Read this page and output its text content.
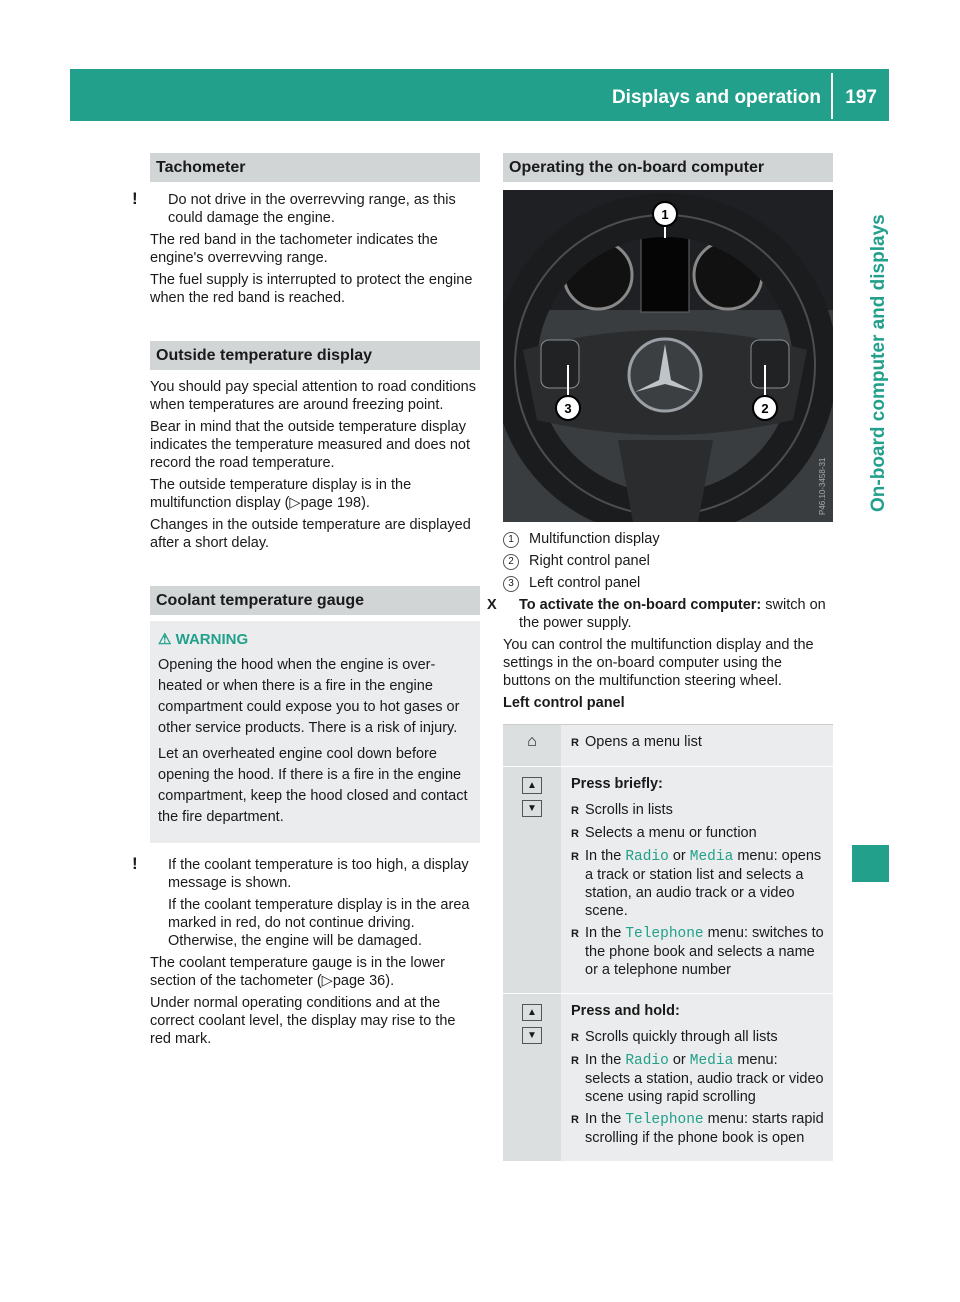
Displays and operation 197
On-board computer and displays
Tachometer

! Do not drive in the overrevving range, as this could damage the engine.

The red band in the tachometer indicates the engine's overrevving range.

The fuel supply is interrupted to protect the engine when the red band is reached.

Outside temperature display

You should pay special attention to road conditions when temperatures are around freezing point.

Bear in mind that the outside temperature display indicates the temperature measured and does not record the road temperature.

The outside temperature display is in the multifunction display (▷page 198).

Changes in the outside temperature are displayed after a short delay.

Coolant temperature gauge
⚠ WARNING

Opening the hood when the engine is over-heated or when there is a fire in the engine compartment could expose you to hot gases or other service products. There is a risk of injury.

Let an overheated engine cool down before opening the hood. If there is a fire in the engine compartment, keep the hood closed and contact the fire department.

! If the coolant temperature is too high, a display message is shown.

If the coolant temperature display is in the area marked in red, do not continue driving. Otherwise, the engine will be damaged.

The coolant temperature gauge is in the lower section of the tachometer (▷page 36).

Under normal operating conditions and at the correct coolant level, the display may rise to the red mark.

Operating the on-board computer
1
3	2
P46.10-3458-31
1 Multifunction display
2 Right control panel
3 Left control panel

X To activate the on-board computer: switch on the power supply.

You can control the multifunction display and the settings in the on-board computer using the buttons on the multifunction steering wheel.

Left control panel

⌂	R Opens a menu list
▲
▼

Press briefly:

R Scrolls in lists
R Selects a menu or function
R In the Radio or Media menu: opens a track or station list and selects a station, an audio track or a video scene.
R In the Telephone menu: switches to the phone book and selects a name or a telephone number
▲
▼

Press and hold:

R Scrolls quickly through all lists
R In the Radio or Media menu: selects a station, audio track or video scene using rapid scrolling
R In the Telephone menu: starts rapid scrolling if the phone book is open
